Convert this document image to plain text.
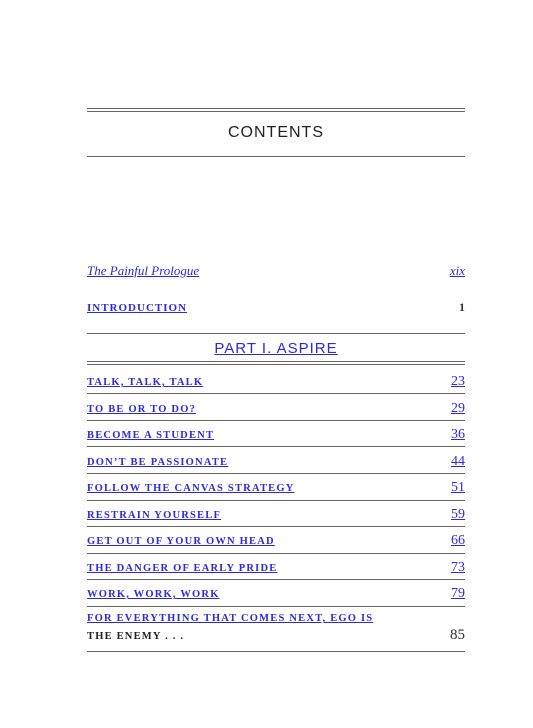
CONTENTS
The Painful Prologue	xix
INTRODUCTION	1
PART I. ASPIRE
TALK, TALK, TALK	23
TO BE OR TO DO?	29
BECOME A STUDENT	36
DON’T BE PASSIONATE	44
FOLLOW THE CANVAS STRATEGY	51
RESTRAIN YOURSELF	59
GET OUT OF YOUR OWN HEAD	66
THE DANGER OF EARLY PRIDE	73
WORK, WORK, WORK	79
FOR EVERYTHING THAT COMES NEXT, EGO IS
THE ENEMY . . .	85
